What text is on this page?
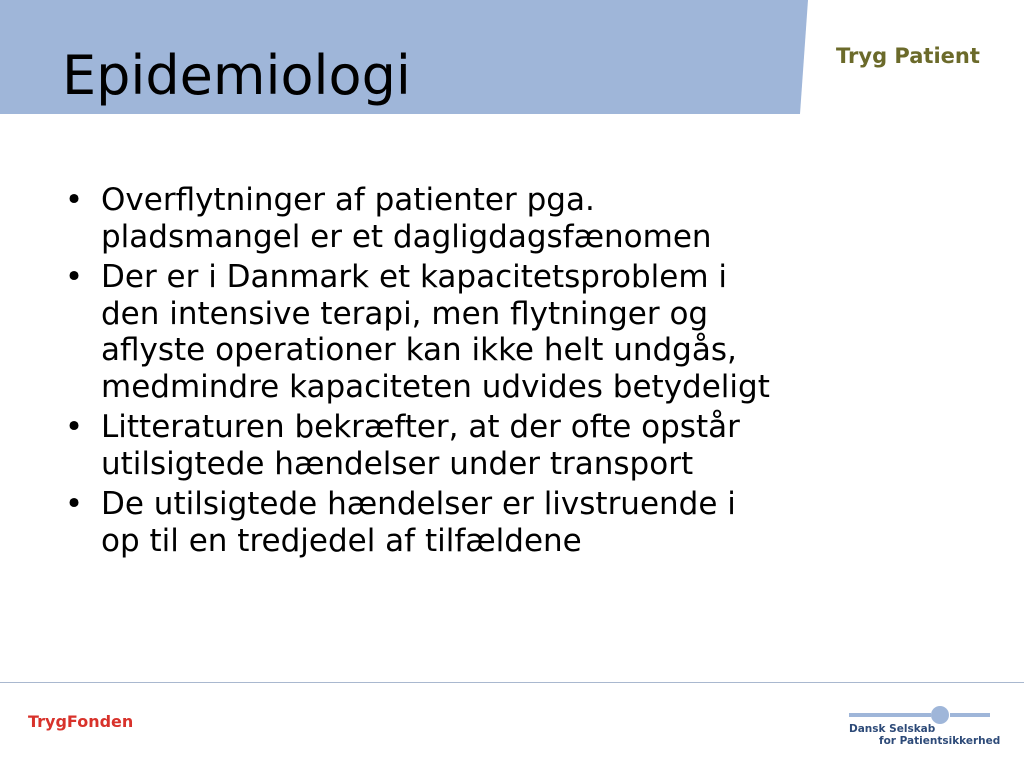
Epidemiologi	Tryg Patient
• Overflytninger af patienter pga.
pladsmangel er et dagligdagsfænomen
• Der er i Danmark et kapacitetsproblem i
den intensive terapi, men flytninger og
aflyste operationer kan ikke helt undgås,
medmindre kapaciteten udvides betydeligt
• Litteraturen bekræfter, at der ofte opstår
utilsigtede hændelser under transport
• De utilsigtede hændelser er livstruende i
op til en tredjedel af tilfældene
TrygFonden	Dansk Selskab
for Patientsikkerhed
